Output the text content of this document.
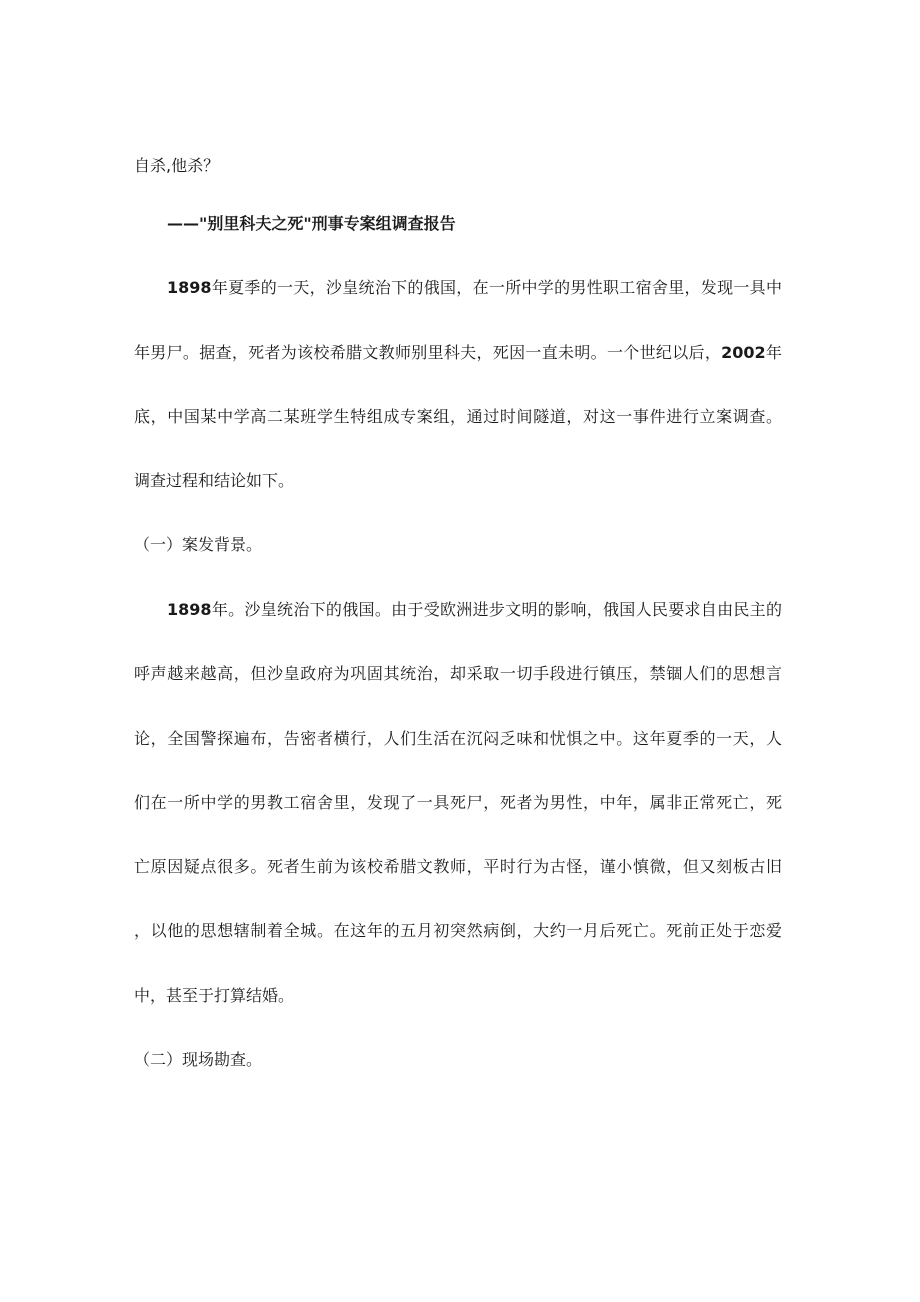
自杀,他杀？
——"别里科夫之死"刑事专案组调查报告
1898年夏季的一天，沙皇统治下的俄国，在一所中学的男性职工宿舍里，发现一具中
年男尸。据查，死者为该校希腊文教师别里科夫，死因一直未明。一个世纪以后，2002年
底，中国某中学高二某班学生特组成专案组，通过时间隧道，对这一事件进行立案调查。
调查过程和结论如下。
（一）案发背景。
1898年。沙皇统治下的俄国。由于受欧洲进步文明的影响，俄国人民要求自由民主的
呼声越来越高，但沙皇政府为巩固其统治，却采取一切手段进行镇压，禁锢人们的思想言
论，全国警探遍布，告密者横行，人们生活在沉闷乏味和忧惧之中。这年夏季的一天，人
们在一所中学的男教工宿舍里，发现了一具死尸，死者为男性，中年，属非正常死亡，死
亡原因疑点很多。死者生前为该校希腊文教师，平时行为古怪，谨小慎微，但又刻板古旧
，以他的思想辖制着全城。在这年的五月初突然病倒，大约一月后死亡。死前正处于恋爱
中，甚至于打算结婚。
（二）现场勘查。
